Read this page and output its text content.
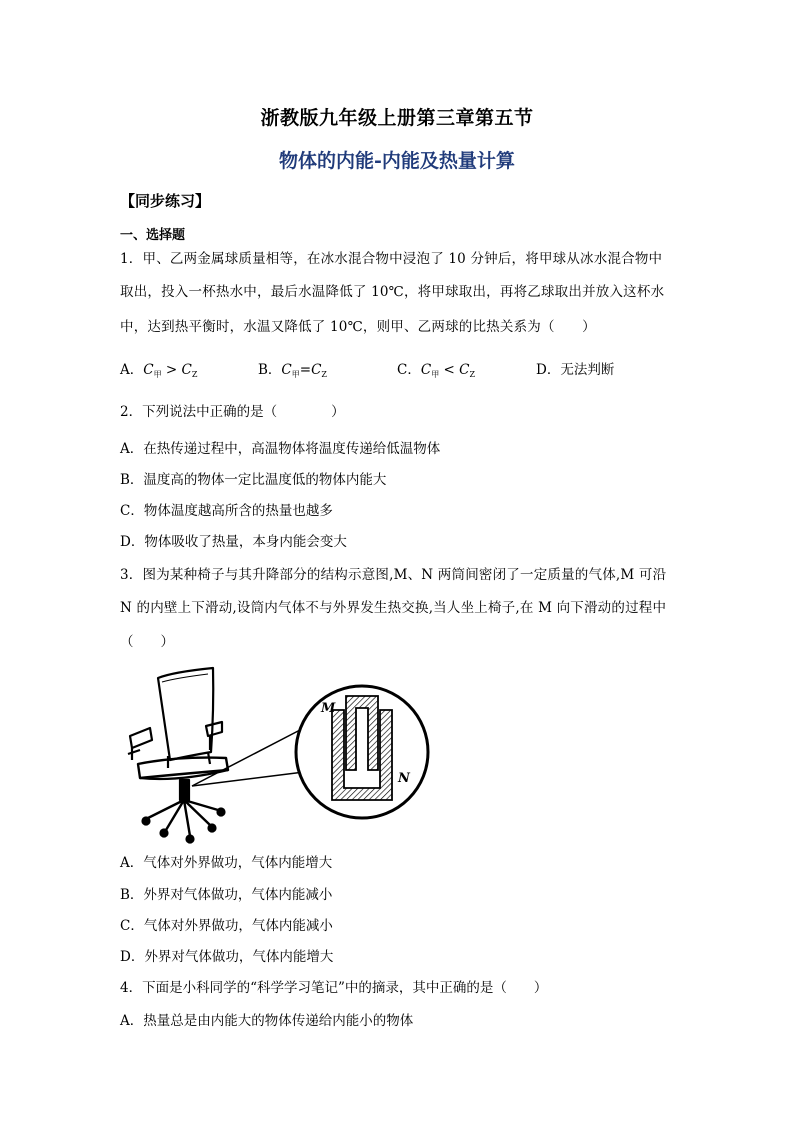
浙教版九年级上册第三章第五节
物体的内能-内能及热量计算
【同步练习】
一、选择题
1．甲、乙两金属球质量相等，在冰水混合物中浸泡了 10 分钟后，将甲球从冰水混合物中
取出，投入一杯热水中，最后水温降低了 10℃，将甲球取出，再将乙球取出并放入这杯水
中，达到热平衡时，水温又降低了 10℃，则甲、乙两球的比热关系为（　　）
A．$C_甲 > C_Z$	B．$C_甲=C_Z$	C．$C_甲 < C_Z$	D．无法判断
2．下列说法中正确的是（　　　　）
A．在热传递过程中，高温物体将温度传递给低温物体
B．温度高的物体一定比温度低的物体内能大
C．物体温度越高所含的热量也越多
D．物体吸收了热量，本身内能会变大
3．图为某种椅子与其升降部分的结构示意图,M、N 两筒间密闭了一定质量的气体,M 可沿
N 的内壁上下滑动,设筒内气体不与外界发生热交换,当人坐上椅子,在 M 向下滑动的过程中
（　　）
M
N
A．气体对外界做功，气体内能增大
B．外界对气体做功，气体内能减小
C．气体对外界做功，气体内能减小
D．外界对气体做功，气体内能增大
4．下面是小科同学的“科学学习笔记”中的摘录，其中正确的是（　　）
A．热量总是由内能大的物体传递给内能小的物体
